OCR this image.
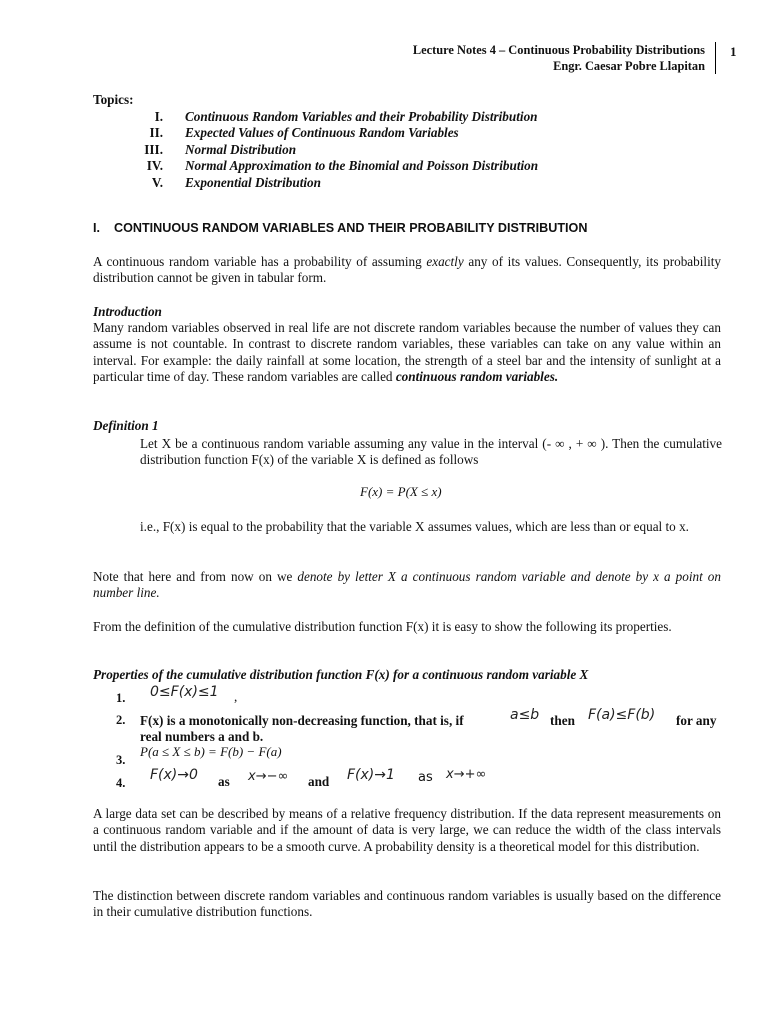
Lecture Notes 4 – Continuous Probability Distributions
Engr. Caesar Pobre Llapitan
1
Topics:
I. Continuous Random Variables and their Probability Distribution
II. Expected Values of Continuous Random Variables
III. Normal Distribution
IV. Normal Approximation to the Binomial and Poisson Distribution
V. Exponential Distribution
I.    CONTINUOUS RANDOM VARIABLES AND THEIR PROBABILITY DISTRIBUTION
A continuous random variable has a probability of assuming exactly any of its values. Consequently, its probability distribution cannot be given in tabular form.
Introduction
Many random variables observed in real life are not discrete random variables because the number of values they can assume is not countable. In contrast to discrete random variables, these variables can take on any value within an interval. For example: the daily rainfall at some location, the strength of a steel bar and the intensity of sunlight at a particular time of day. These random variables are called continuous random variables.
Definition 1
Let X be a continuous random variable assuming any value in the interval (- ∞ , + ∞ ). Then the cumulative distribution function F(x) of the variable X is defined as follows
F(x) = P(X ≤ x)
i.e., F(x) is equal to the probability that the variable X assumes values, which are less than or equal to x.
Note that here and from now on we denote by letter X a continuous random variable and denote by x a point on number line.
From the definition of the cumulative distribution function F(x) it is easy to show the following its properties.
Properties of the cumulative distribution function F(x) for a continuous random variable X
1. 0≤F(x)≤1 ,
2. F(x) is a monotonically non-decreasing function, that is, if	a≤b then F(a)≤F(b) for any
real numbers a and b.
3.
P(a ≤ X ≤ b) = F(b) − F(a)
4. F(x)→0 as x→−∞ and F(x)→1 as x→+∞
A large data set can be described by means of a relative frequency distribution. If the data represent measurements on a continuous random variable and if the amount of data is very large, we can reduce the width of the class intervals until the distribution appears to be a smooth curve. A probability density is a theoretical model for this distribution.
The distinction between discrete random variables and continuous random variables is usually based on the difference in their cumulative distribution functions.
